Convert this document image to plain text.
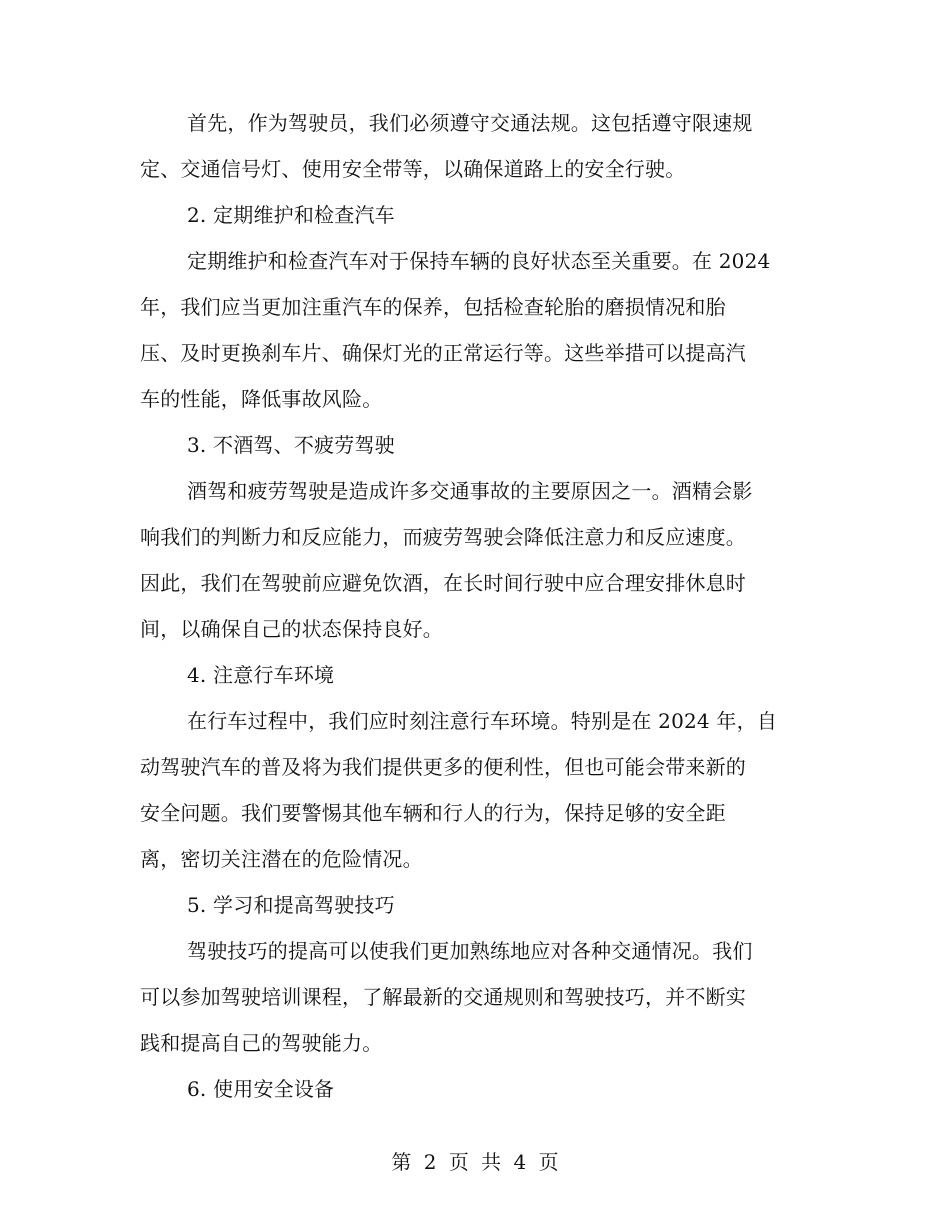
首先，作为驾驶员，我们必须遵守交通法规。这包括遵守限速规
定、交通信号灯、使用安全带等，以确保道路上的安全行驶。
2. 定期维护和检查汽车
定期维护和检查汽车对于保持车辆的良好状态至关重要。在 2024
年，我们应当更加注重汽车的保养，包括检查轮胎的磨损情况和胎
压、及时更换刹车片、确保灯光的正常运行等。这些举措可以提高汽
车的性能，降低事故风险。
3. 不酒驾、不疲劳驾驶
酒驾和疲劳驾驶是造成许多交通事故的主要原因之一。酒精会影
响我们的判断力和反应能力，而疲劳驾驶会降低注意力和反应速度。
因此，我们在驾驶前应避免饮酒，在长时间行驶中应合理安排休息时
间，以确保自己的状态保持良好。
4. 注意行车环境
在行车过程中，我们应时刻注意行车环境。特别是在 2024 年，自
动驾驶汽车的普及将为我们提供更多的便利性，但也可能会带来新的
安全问题。我们要警惕其他车辆和行人的行为，保持足够的安全距
离，密切关注潜在的危险情况。
5. 学习和提高驾驶技巧
驾驶技巧的提高可以使我们更加熟练地应对各种交通情况。我们
可以参加驾驶培训课程，了解最新的交通规则和驾驶技巧，并不断实
践和提高自己的驾驶能力。
6. 使用安全设备
第 2 页 共 4 页
